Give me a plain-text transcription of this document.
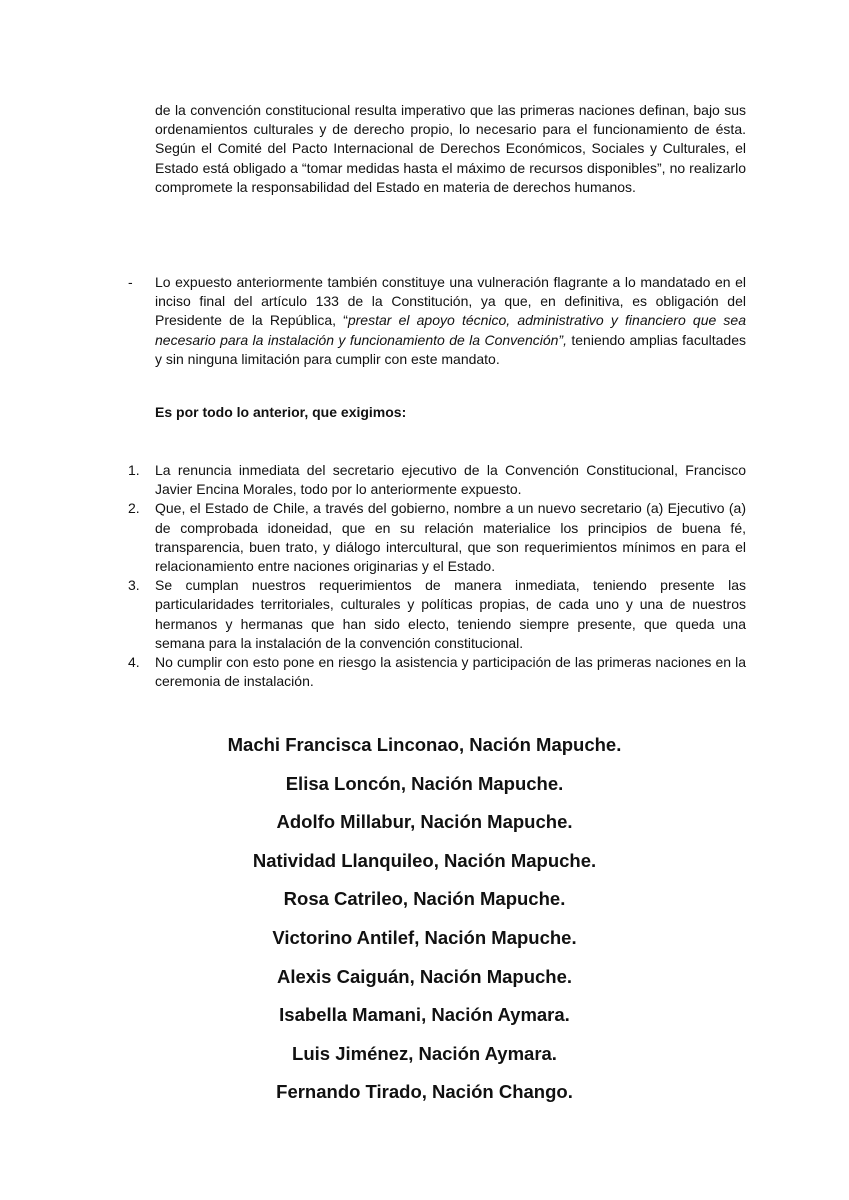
de la convención constitucional resulta imperativo que las primeras naciones definan, bajo sus ordenamientos culturales y de derecho propio, lo necesario para el funcionamiento de ésta. Según el Comité del Pacto Internacional de Derechos Económicos, Sociales y Culturales, el Estado está obligado a “tomar medidas hasta el máximo de recursos disponibles”, no realizarlo compromete la responsabilidad del Estado en materia de derechos humanos.

- Lo expuesto anteriormente también constituye una vulneración flagrante a lo mandatado en el inciso final del artículo 133 de la Constitución, ya que, en definitiva, es obligación del Presidente de la República, “prestar el apoyo técnico, administrativo y financiero que sea necesario para la instalación y funcionamiento de la Convención”, teniendo amplias facultades y sin ninguna limitación para cumplir con este mandato.

Es por todo lo anterior, que exigimos:

1. La renuncia inmediata del secretario ejecutivo de la Convención Constitucional, Francisco Javier Encina Morales, todo por lo anteriormente expuesto.
2. Que, el Estado de Chile, a través del gobierno, nombre a un nuevo secretario (a) Ejecutivo (a) de comprobada idoneidad, que en su relación materialice los principios de buena fé, transparencia, buen trato, y diálogo intercultural, que son requerimientos mínimos en para el relacionamiento entre naciones originarias y el Estado.
3. Se cumplan nuestros requerimientos de manera inmediata, teniendo presente las particularidades territoriales, culturales y políticas propias, de cada uno y una de nuestros hermanos y hermanas que han sido electo, teniendo siempre presente, que queda una semana para la instalación de la convención constitucional.
4. No cumplir con esto pone en riesgo la asistencia y participación de las primeras naciones en la ceremonia de instalación.
Machi Francisca Linconao, Nación Mapuche.
Elisa Loncón, Nación Mapuche.
Adolfo Millabur, Nación Mapuche.
Natividad Llanquileo, Nación Mapuche.
Rosa Catrileo, Nación Mapuche.
Victorino Antilef, Nación Mapuche.
Alexis Caiguán, Nación Mapuche.
Isabella Mamani, Nación Aymara.
Luis Jiménez, Nación Aymara.
Fernando Tirado, Nación Chango.
